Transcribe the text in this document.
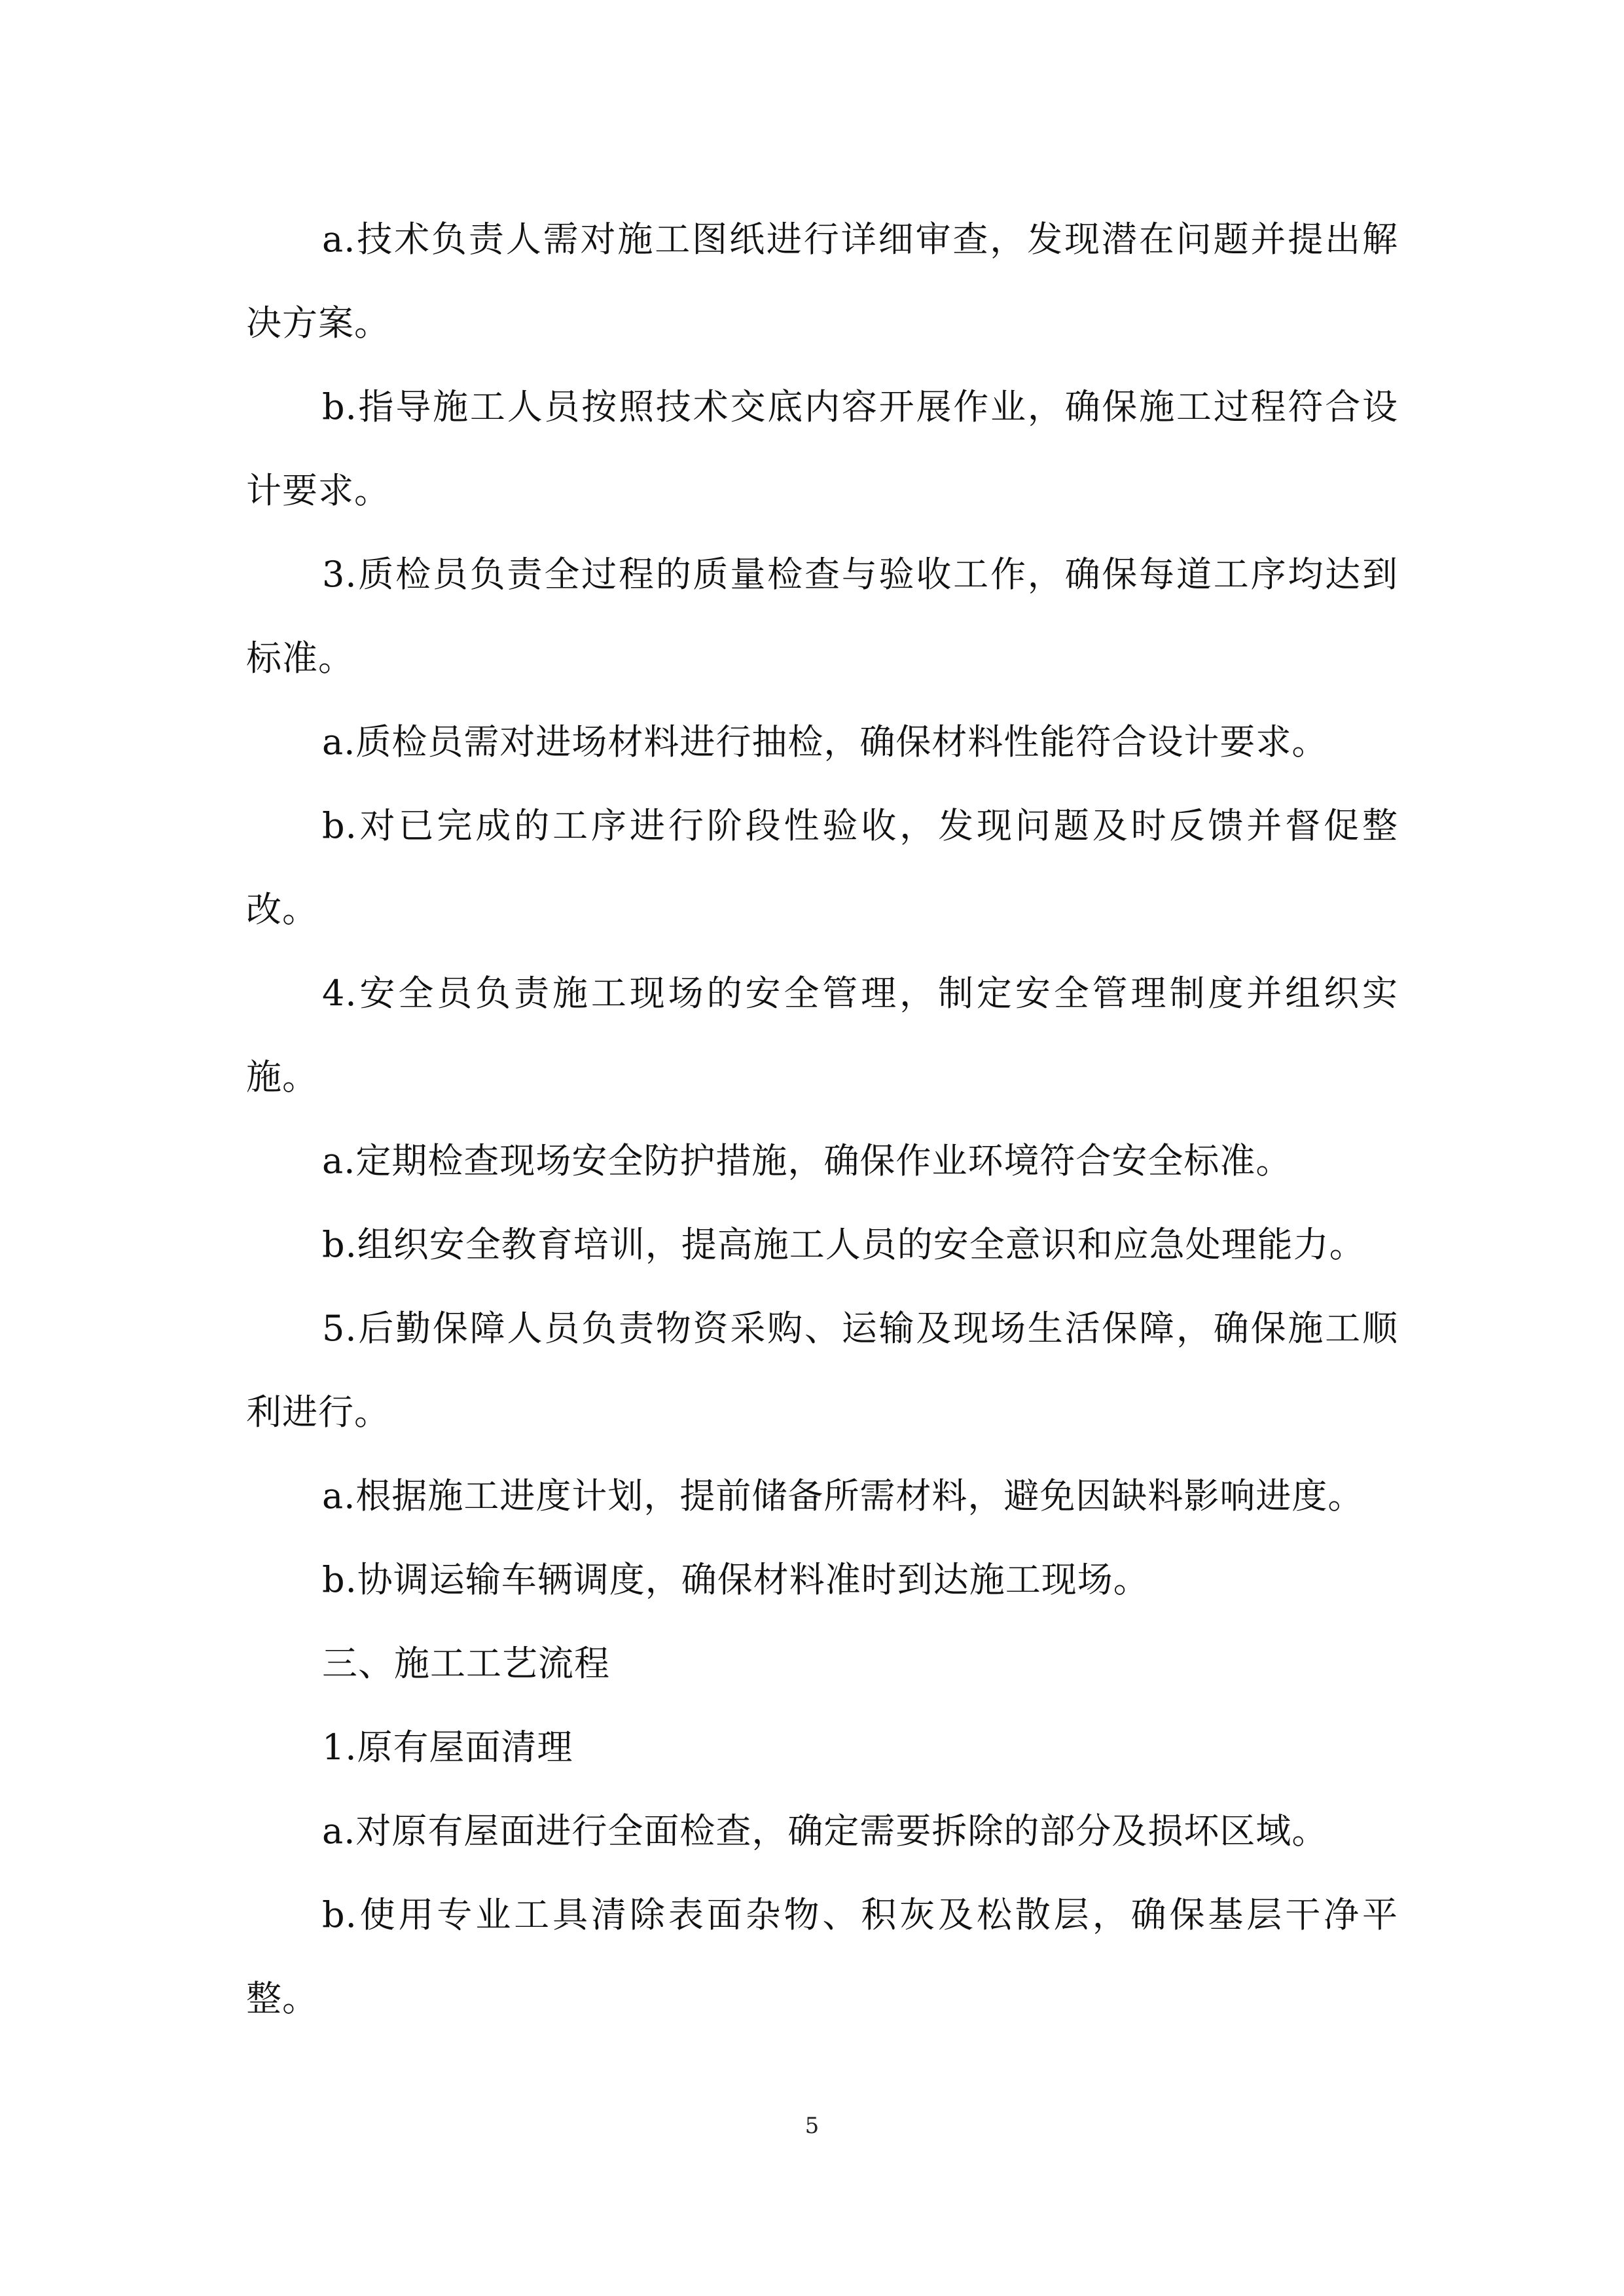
a.技术负责人需对施工图纸进行详细审查，发现潜在问题并提出解决方案。

b.指导施工人员按照技术交底内容开展作业，确保施工过程符合设计要求。

3.质检员负责全过程的质量检查与验收工作，确保每道工序均达到标准。

a.质检员需对进场材料进行抽检，确保材料性能符合设计要求。

b.对已完成的工序进行阶段性验收，发现问题及时反馈并督促整改。

4.安全员负责施工现场的安全管理，制定安全管理制度并组织实施。

a.定期检查现场安全防护措施，确保作业环境符合安全标准。

b.组织安全教育培训，提高施工人员的安全意识和应急处理能力。

5.后勤保障人员负责物资采购、运输及现场生活保障，确保施工顺利进行。

a.根据施工进度计划，提前储备所需材料，避免因缺料影响进度。

b.协调运输车辆调度，确保材料准时到达施工现场。

三、施工工艺流程

1.原有屋面清理

a.对原有屋面进行全面检查，确定需要拆除的部分及损坏区域。

b.使用专业工具清除表面杂物、积灰及松散层，确保基层干净平整。

5
